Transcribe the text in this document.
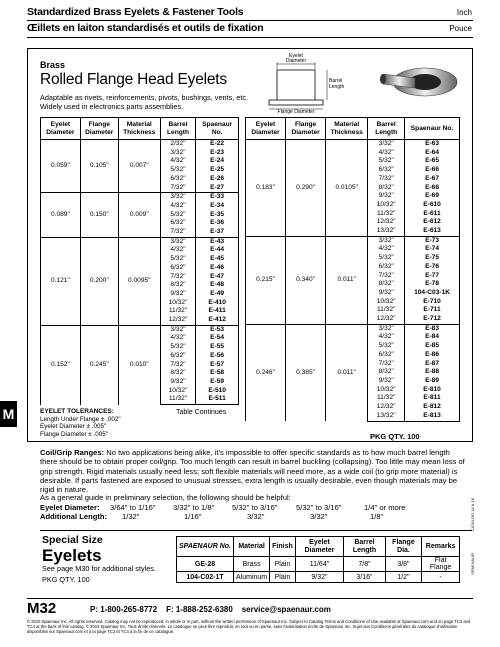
Standardized Brass Eyelets & Fastener Tools	Inch
Œillets en laiton standardisés et outils de fixation	Pouce
Brass
Rolled Flange Head Eyelets
Adaptable as rivets, reinforcements, pivots, bushings, vents, etc.
Widely used in electronics parts assemblies.
Eyelet
Diameter
Barrel
Length
Flange Diameter
Eyelet Diameter	Flange Diameter	Material Thickness	Barrel Length	Spaenaur No.
0.059"	0.105"	0.007"	2/32"	E-22
			3/32"	E-23
			4/32"	E-24
			5/32"	E-25
			6/32"	E-26
			7/32"	E-27
0.089"	0.150"	0.009"	3/32"	E-33
			4/32"	E-34
			5/32"	E-35
			6/32"	E-36
			7/32"	E-37
0.121"	0.200"	0.0095"	3/32"	E-43
			4/32"	E-44
			5/32"	E-45
			6/32"	E-46
			7/32"	E-47
			8/32"	E-48
			9/32"	E-49
			10/32"	E-410
			11/32"	E-411
			12/32"	E-412
0.152"	0.245"	0.010"	3/32"	E-53
			4/32"	E-54
			5/32"	E-55
			6/32"	E-56
			7/32"	E-57
			8/32"	E-58
			9/32"	E-59
			10/32"	E-510
			11/32"	E-511
Eyelet Diameter	Flange Diameter	Material Thickness	Barrel Length	Spaenaur No.
0.183"	0.290"	0.0105"	3/32"	E-63
			4/32"	E-64
			5/32"	E-65
			6/32"	E-66
			7/32"	E-67
			8/32"	E-68
			9/32"	E-69
			10/32"	E-610
			11/32"	E-611
			12/32"	E-612
			13/32"	E-613
0.215"	0.340"	0.011"	3/32"	E-73
			4/32"	E-74
			5/32"	E-75
			6/32"	E-76
			7/32"	E-77
			8/32"	E-78
			9/32"	104-C03-1K
			10/32"	E-710
			11/32"	E-711
			12/32"	E-712
0.246"	0.385"	0.011"	3/32"	E-83
			4/32"	E-84
			5/32"	E-85
			6/32"	E-86
			7/32"	E-87
			8/32"	E-88
			9/32"	E-89
			10/32"	E-810
			11/32"	E-811
			12/32"	E-812
			13/32"	E-813
EYELET TOLERANCES:
Length Under Flange ± .002"
Eyelet Diameter ± .005"
Flange Diameter ± .005"
Table Continues
PKG QTY. 100
Coil/Grip Ranges: No two applications being alike, it's impossible to offer specific standards as to how much barrel length there should be to obtain proper coil/grip. Too much length can result in barrel buckling (collapsing). Too little may mean loss of grip strength. Rigid materials usually need less; soft flexible materials will need more, as a wide coil (to grip more material) is desirable. If parts fastened are exposed to unusual stresses, extra length is usually desirable, even though materials may be rigid in nature.
As a general guide in preliminary selection, the following should be helpful:
Eyelet Diameter:
Additional Length:
3/64" to 1/16" 3/32" to 1/8" 5/32" to 3/16" 5/32" to 3/16"	1/4" or more
1/32"	1/16"	3/32"	3/32"	1/8"
Special Size
Eyelets
See page M30 for additional styles.
PKG QTY. 100
SPAENAUR No.	Material	Finish	Eyelet Diameter	Barrel Length	Flange Dia.	Remarks
GE-28	Brass	Plain	11/64"	7/8"	3/8"	Flat Flange
104-C02-1T	Aluminum	Plain	9/32"	3/16"	1/2"	-
M32	P: 1-800-265-8772 F: 1-888-252-6380 service@spaenaur.com
© 2015 Spaenaur Inc. All rights reserved. Catalog may not be reproduced, in whole or in part, without the written permission of Spaenaur Inc. Subject to Catalog Terms and Conditions of Use available at Spaenaur.com and on page TC3 and TC4 at the back of this catalog. © 2015 Spaenaur Inc. Tous droits réservés. Le catalogue ne peut être reproduit, en tout ou en partie, sans l'autorisation écrite de Spaenaur Inc. Sujet aux Conditions générales du catalogue d'utilisation disponibles sur Spaenaur.com et à la page TC3 et TC4 à la fin de ce catalogue.
M
CATALOG 14 & 16
SPAENAUR
